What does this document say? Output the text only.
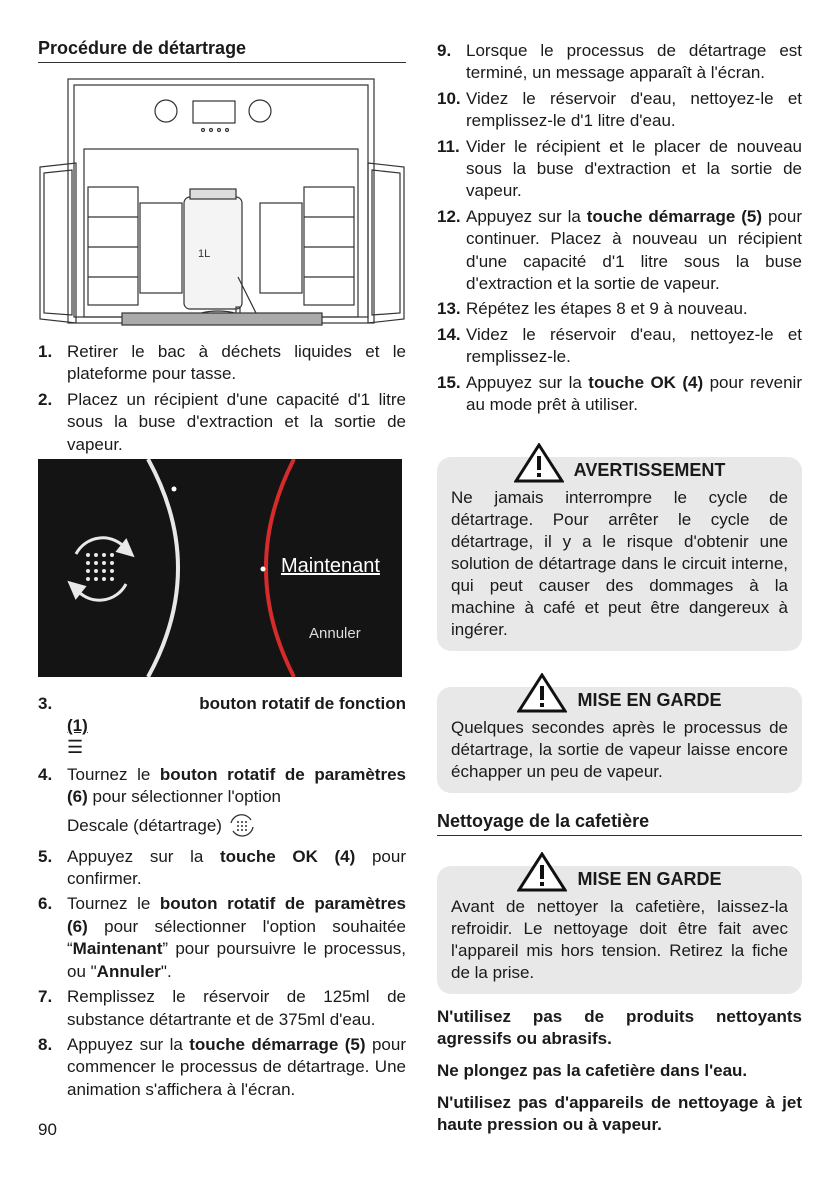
Procédure de détartrage
1L
1. Retirer le bac à déchets liquides et le plateforme pour tasse.
2. Placez un récipient d'une capacité d'1 litre sous la buse d'extraction et la sortie de vapeur.
Maintenant
Annuler
3.	bouton rotatif de fonction
(1)
☰
4. Tournez le bouton rotatif de paramètres (6) pour sélectionner l'option
Descale (détartrage)
5. Appuyez sur la touche OK (4) pour confirmer.
6. Tournez le bouton rotatif de paramètres (6) pour sélectionner l'option souhaitée “Maintenant” pour poursuivre le processus, ou "Annuler".
7. Remplissez le réservoir de 125ml de substance détartrante et de 375ml d'eau.
8. Appuyez sur la touche démarrage (5) pour commencer le processus de détartrage. Une animation s'affichera à l'écran.
9. Lorsque le processus de détartrage est terminé, un message apparaît à l'écran.
10. Videz le réservoir d'eau, nettoyez-le et remplissez-le d'1 litre d'eau.
11. Vider le récipient et le placer de nouveau sous la buse d'extraction et la sortie de vapeur.
12. Appuyez sur la touche démarrage (5) pour continuer. Placez à nouveau un récipient d'une capacité d'1 litre sous la buse d'extraction et la sortie de vapeur.
13. Répétez les étapes 8 et 9 à nouveau.
14. Videz le réservoir d'eau, nettoyez-le et remplissez-le.
15. Appuyez sur la touche OK (4) pour revenir au mode prêt à utiliser.
AVERTISSEMENT
Ne jamais interrompre le cycle de détartrage. Pour arrêter le cycle de détartrage, il y a le risque d'obtenir une solution de détartrage dans le circuit interne, qui peut causer des dommages à la machine à café et peut être dangereux à ingérer.
MISE EN GARDE
Quelques secondes après le processus de détartrage, la sortie de vapeur laisse encore échapper un peu de vapeur.
Nettoyage de la cafetière
MISE EN GARDE
Avant de nettoyer la cafetière, laissez-la refroidir. Le nettoyage doit être fait avec l'appareil mis hors tension. Retirez la fiche de la prise.
N'utilisez pas de produits nettoyants agressifs ou abrasifs.
Ne plongez pas la cafetière dans l'eau.
N'utilisez pas d'appareils de nettoyage à jet haute pression ou à vapeur.
90
